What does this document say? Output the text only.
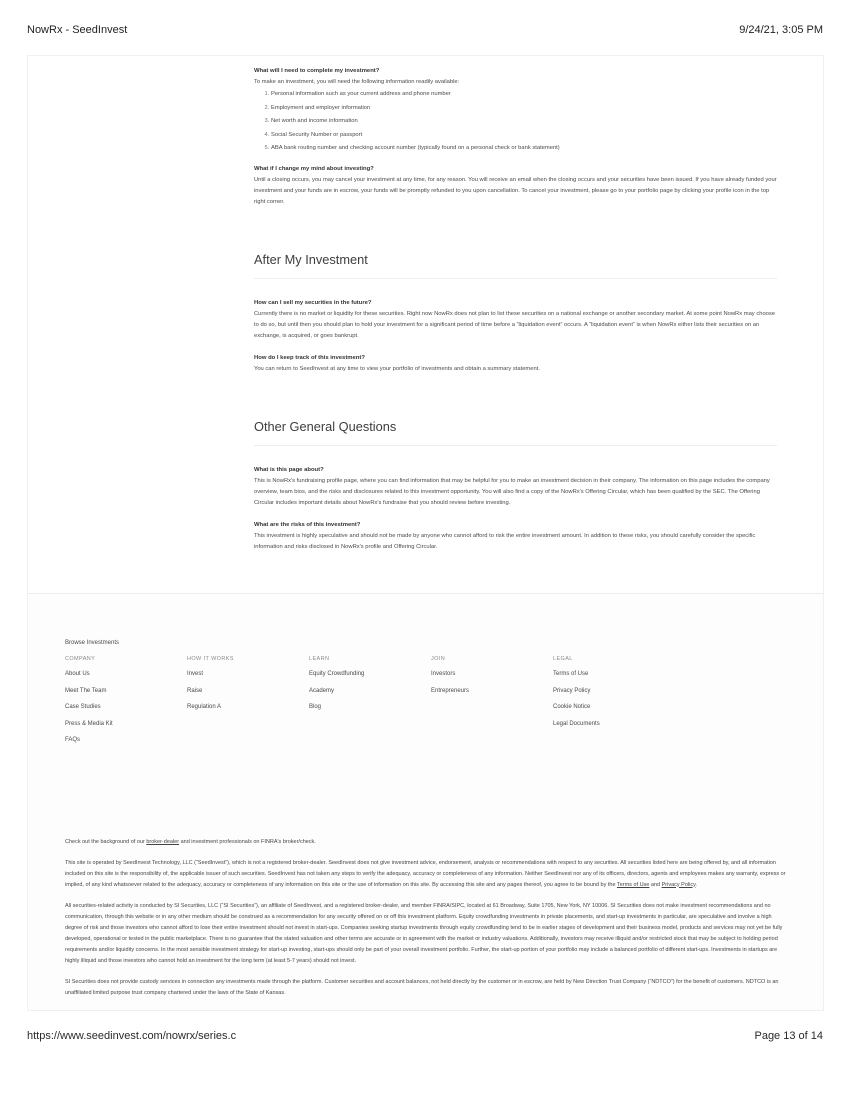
NowRx - SeedInvest	9/24/21, 3:05 PM
What will I need to complete my investment?
To make an investment, you will need the following information readily available:
1. Personal information such as your current address and phone number
2. Employment and employer information
3. Net worth and income information
4. Social Security Number or passport
5. ABA bank routing number and checking account number (typically found on a personal check or bank statement)
What if I change my mind about investing?
Until a closing occurs, you may cancel your investment at any time, for any reason. You will receive an email when the closing occurs and your securities have been issued. If you have already funded your investment and your funds are in escrow, your funds will be promptly refunded to you upon cancellation. To cancel your investment, please go to your portfolio page by clicking your profile icon in the top right corner.
After My Investment
How can I sell my securities in the future?
Currently there is no market or liquidity for these securities. Right now NowRx does not plan to list these securities on a national exchange or another secondary market. At some point NowRx may choose to do so, but until then you should plan to hold your investment for a significant period of time before a “liquidation event” occurs. A “liquidation event” is when NowRx either lists their securities on an exchange, is acquired, or goes bankrupt.
How do I keep track of this investment?
You can return to SeedInvest at any time to view your portfolio of investments and obtain a summary statement.
Other General Questions
What is this page about?
This is NowRx's fundraising profile page, where you can find information that may be helpful for you to make an investment decision in their company. The information on this page includes the company overview, team bios, and the risks and disclosures related to this investment opportunity. You will also find a copy of the NowRx's Offering Circular, which has been qualified by the SEC. The Offering Circular includes important details about NowRx's fundraise that you should review before investing.
What are the risks of this investment?
This investment is highly speculative and should not be made by anyone who cannot afford to risk the entire investment amount. In addition to these risks, you should carefully consider the specific information and risks disclosed in NowRx's profile and Offering Circular.
Browse Investments
COMPANY
About Us
Meet The Team
Case Studies
Press & Media Kit
FAQs
HOW IT WORKS
Invest
Raise
Regulation A
LEARN
Equity Crowdfunding
Academy
Blog
JOIN
Investors
Entrepreneurs
LEGAL
Terms of Use
Privacy Policy
Cookie Notice
Legal Documents

Check out the background of our broker-dealer and investment professionals on FINRA's broker/check.

This site is operated by SeedInvest Technology, LLC (“SeedInvest”), which is not a registered broker-dealer. SeedInvest does not give investment advice, endorsement, analysis or recommendations with respect to any securities. All securities listed here are being offered by, and all information included on this site is the responsibility of, the applicable issuer of such securities. SeedInvest has not taken any steps to verify the adequacy, accuracy or completeness of any information. Neither SeedInvest nor any of its officers, directors, agents and employees makes any warranty, express or implied, of any kind whatsoever related to the adequacy, accuracy or completeness of any information on this site or the use of information on this site. By accessing this site and any pages thereof, you agree to be bound by the Terms of Use and Privacy Policy.

All securities-related activity is conducted by SI Securities, LLC (“SI Securities”), an affiliate of SeedInvest, and a registered broker-dealer, and member FINRA/SIPC, located at 61 Broadway, Suite 1705, New York, NY 10006. SI Securities does not make investment recommendations and no communication, through this website or in any other medium should be construed as a recommendation for any security offered on or off this investment platform. Equity crowdfunding investments in private placements, and start-up investments in particular, are speculative and involve a high degree of risk and those investors who cannot afford to lose their entire investment should not invest in start-ups. Companies seeking startup investments through equity crowdfunding tend to be in earlier stages of development and their business model, products and services may not yet be fully developed, operational or tested in the public marketplace. There is no guarantee that the stated valuation and other terms are accurate or in agreement with the market or industry valuations. Additionally, investors may receive illiquid and/or restricted stock that may be subject to holding period requirements and/or liquidity concerns. In the most sensible investment strategy for start-up investing, start-ups should only be part of your overall investment portfolio. Further, the start-up portion of your portfolio may include a balanced portfolio of different start-ups. Investments in startups are highly illiquid and those investors who cannot hold an investment for the long term (at least 5-7 years) should not invest.

SI Securities does not provide custody services in connection any investments made through the platform. Customer securities and account balances, not held directly by the customer or in escrow, are held by New Direction Trust Company (“NDTCO”) for the benefit of customers. NDTCO is an unaffiliated limited purpose trust company chartered under the laws of the State of Kansas.

https://www.seedinvest.com/nowrx/series.c	Page 13 of 14
